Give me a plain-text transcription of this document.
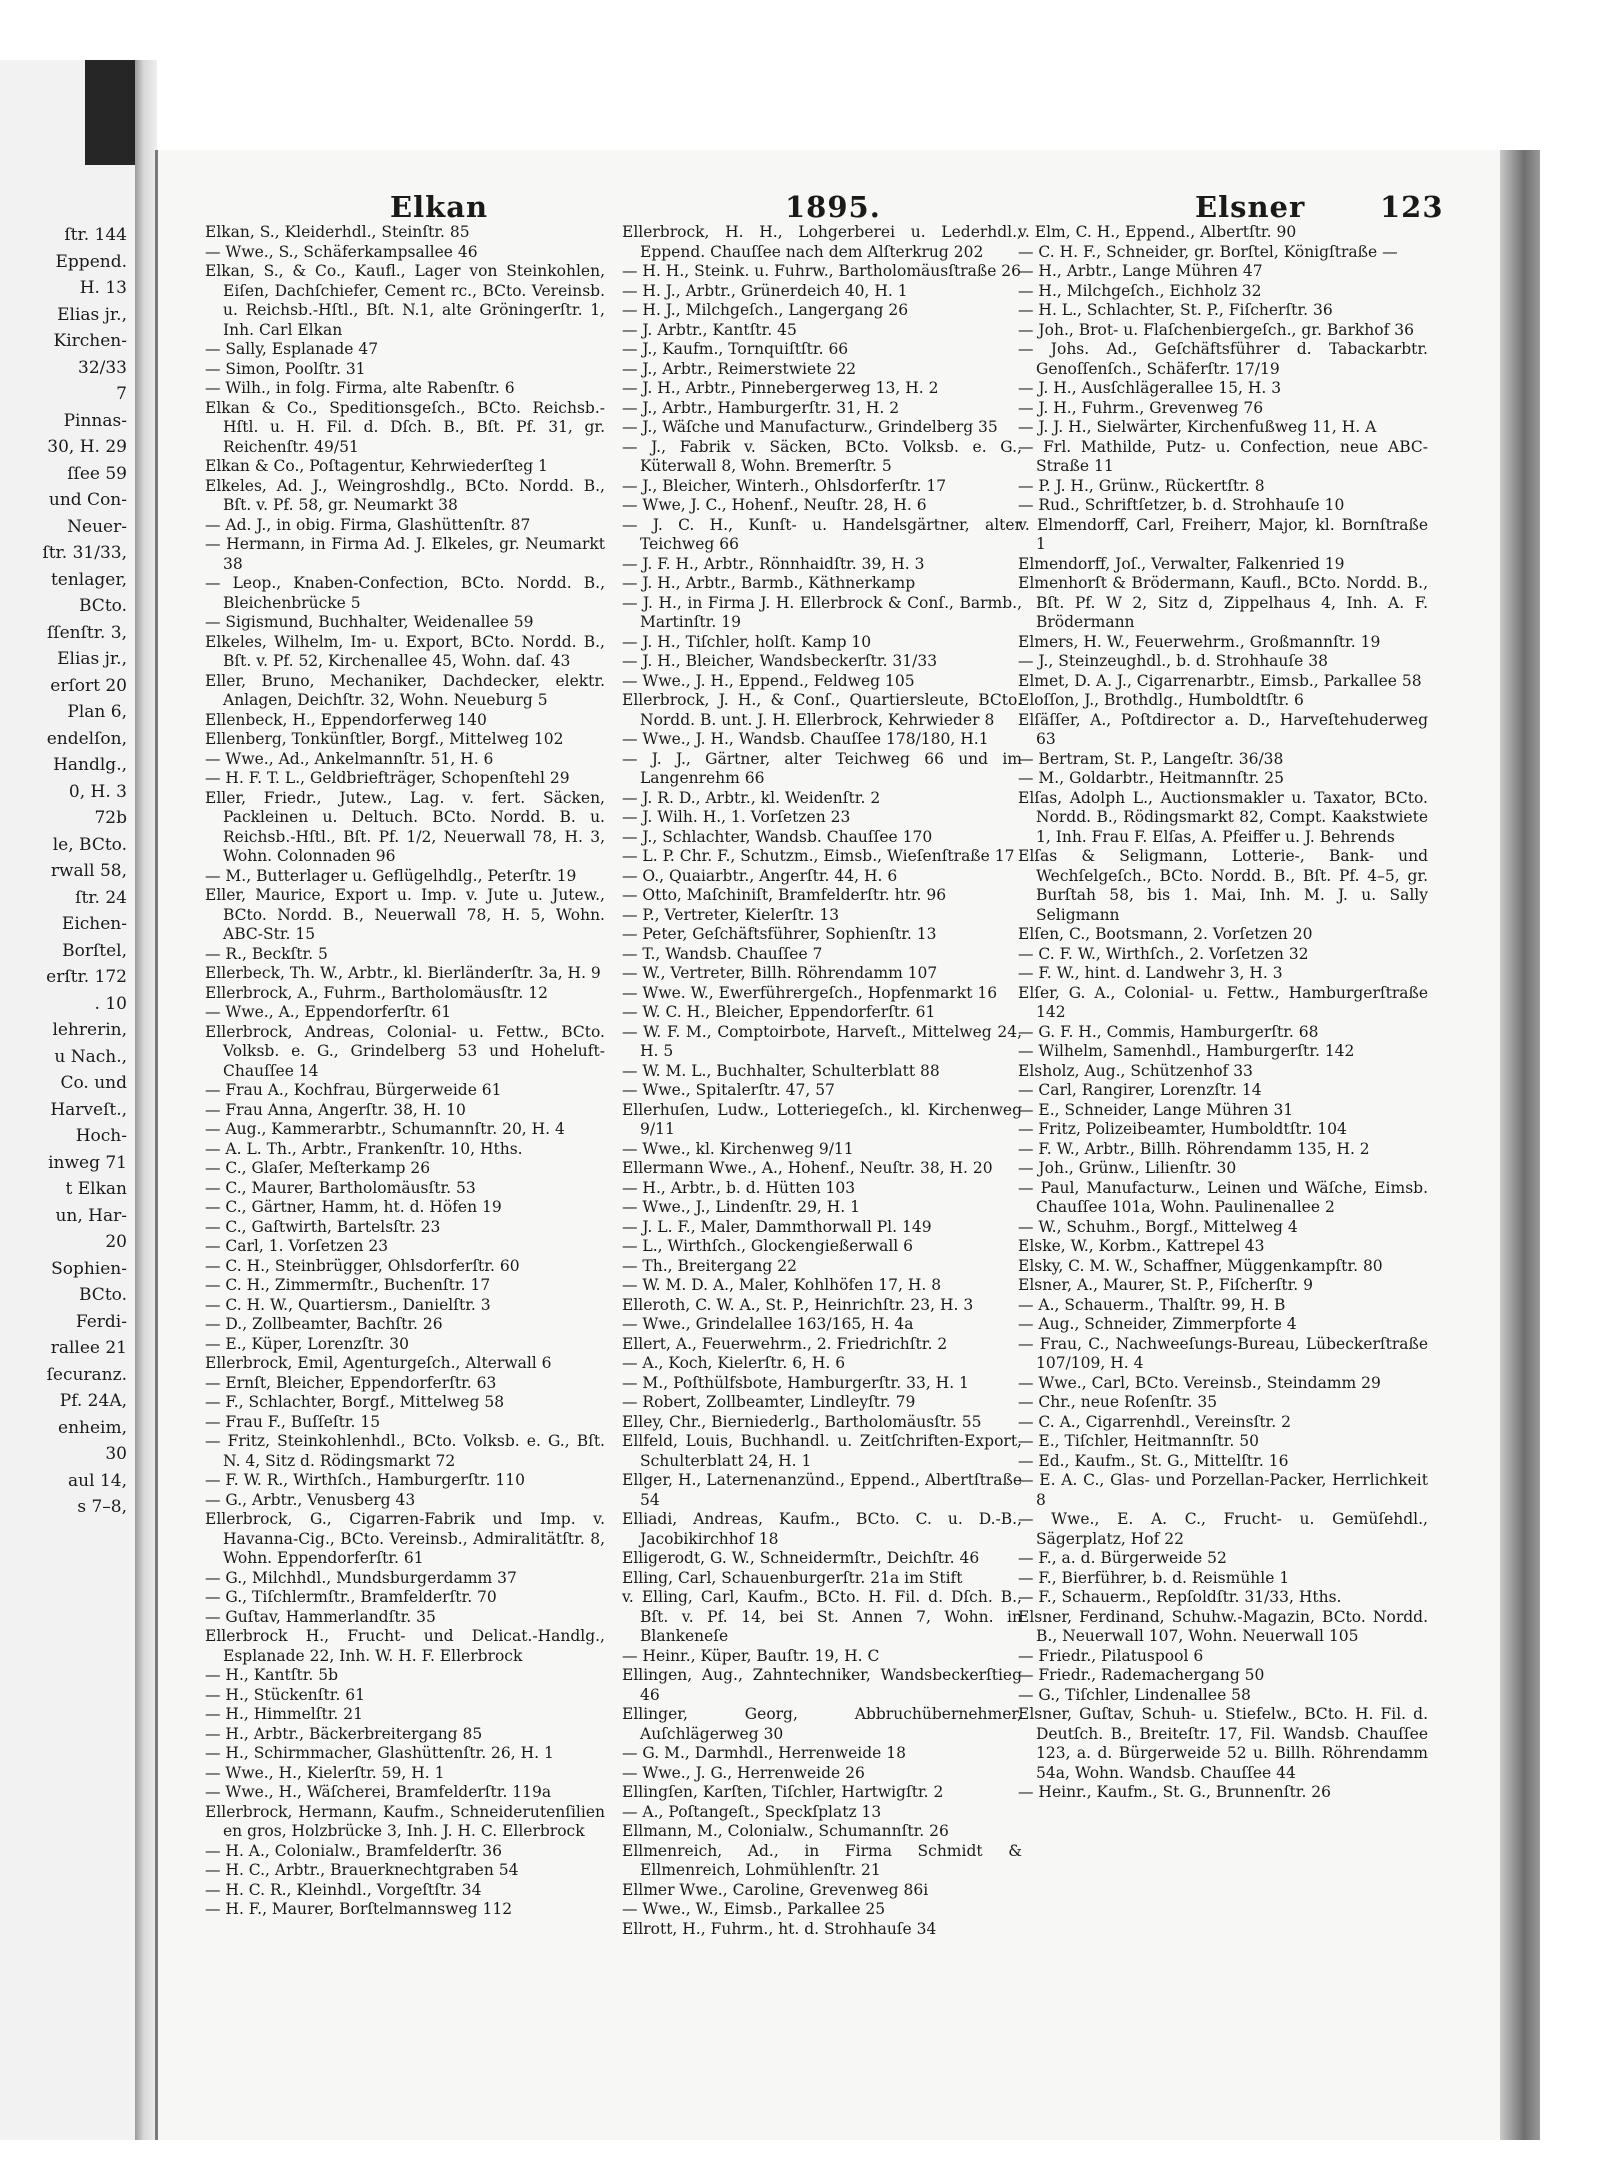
ſtr. 144
Eppend.
H. 13
Elias jr.,
Kirchen-
32/33
7
Pinnas-
30, H. 29
ſſee 59
und Con-
Neuer-
ſtr. 31/33,
tenlager,
BCto.
ſſenſtr. 3,
Elias jr.,
erſort 20
Plan 6,
endelſon,
Handlg.,
0, H. 3
72b
le, BCto.
rwall 58,
ſtr. 24
Eichen-
Borſtel,
erſtr. 172
. 10
lehrerin,
u Nach.,
Co. und
Harveſt.,
Hoch-
inweg 71
t Elkan
un, Har-
20
Sophien-
BCto.
Ferdi-
rallee 21
ſecuranz.
Pf. 24A,
enheim,
30
aul 14,
s 7–8,
Elkan	1895.	Elsner	123

Elkan, S., Kleiderhdl., Steinſtr. 85

— Wwe., S., Schäferkampsallee 46

Elkan, S., & Co., Kaufl., Lager von Steinkohlen, Eiſen, Dachſchiefer, Cement rc., BCto. Vereinsb. u. Reichsb.-Hſtl., Bſt. N.1, alte Gröningerſtr. 1, Inh. Carl Elkan

— Sally, Esplanade 47

— Simon, Poolſtr. 31

— Wilh., in folg. Firma, alte Rabenſtr. 6

Elkan & Co., Speditionsgeſch., BCto. Reichsb.-Hſtl. u. H. Fil. d. Dſch. B., Bſt. Pf. 31, gr. Reichenſtr. 49/51

Elkan & Co., Poſtagentur, Kehrwiederſteg 1

Elkeles, Ad. J., Weingroshdlg., BCto. Nordd. B., Bſt. v. Pf. 58, gr. Neumarkt 38

— Ad. J., in obig. Firma, Glashüttenſtr. 87

— Hermann, in Firma Ad. J. Elkeles, gr. Neumarkt 38

— Leop., Knaben-Confection, BCto. Nordd. B., Bleichenbrücke 5

— Sigismund, Buchhalter, Weidenallee 59

Elkeles, Wilhelm, Im- u. Export, BCto. Nordd. B., Bſt. v. Pf. 52, Kirchenallee 45, Wohn. daſ. 43

Eller, Bruno, Mechaniker, Dachdecker, elektr. Anlagen, Deichſtr. 32, Wohn. Neueburg 5

Ellenbeck, H., Eppendorferweg 140

Ellenberg, Tonkünſtler, Borgf., Mittelweg 102

— Wwe., Ad., Ankelmannſtr. 51, H. 6

— H. F. T. L., Geldbriefträger, Schopenſtehl 29

Eller, Friedr., Jutew., Lag. v. fert. Säcken, Packleinen u. Deltuch. BCto. Nordd. B. u. Reichsb.-Hſtl., Bſt. Pf. 1/2, Neuerwall 78, H. 3, Wohn. Colonnaden 96

— M., Butterlager u. Geflügelhdlg., Peterſtr. 19

Eller, Maurice, Export u. Imp. v. Jute u. Jutew., BCto. Nordd. B., Neuerwall 78, H. 5, Wohn. ABC-Str. 15

— R., Beckſtr. 5

Ellerbeck, Th. W., Arbtr., kl. Bierländerſtr. 3a, H. 9

Ellerbrock, A., Fuhrm., Bartholomäusſtr. 12

— Wwe., A., Eppendorferſtr. 61

Ellerbrock, Andreas, Colonial- u. Fettw., BCto. Volksb. e. G., Grindelberg 53 und Hoheluft-Chauſſee 14

— Frau A., Kochfrau, Bürgerweide 61

— Frau Anna, Angerſtr. 38, H. 10

— Aug., Kammerarbtr., Schumannſtr. 20, H. 4

— A. L. Th., Arbtr., Frankenſtr. 10, Hths.

— C., Glaſer, Meſterkamp 26

— C., Maurer, Bartholomäusſtr. 53

— C., Gärtner, Hamm, ht. d. Höfen 19

— C., Gaſtwirth, Bartelsſtr. 23

— Carl, 1. Vorſetzen 23

— C. H., Steinbrügger, Ohlsdorferſtr. 60

— C. H., Zimmermſtr., Buchenſtr. 17

— C. H. W., Quartiersm., Danielſtr. 3

— D., Zollbeamter, Bachſtr. 26

— E., Küper, Lorenzſtr. 30

Ellerbrock, Emil, Agenturgeſch., Alterwall 6

— Ernſt, Bleicher, Eppendorferſtr. 63

— F., Schlachter, Borgf., Mittelweg 58

— Frau F., Buſſeſtr. 15

— Fritz, Steinkohlenhdl., BCto. Volksb. e. G., Bſt. N. 4, Sitz d. Rödingsmarkt 72

— F. W. R., Wirthſch., Hamburgerſtr. 110

— G., Arbtr., Venusberg 43

Ellerbrock, G., Cigarren-Fabrik und Imp. v. Havanna-Cig., BCto. Vereinsb., Admiralitätſtr. 8, Wohn. Eppendorferſtr. 61

— G., Milchhdl., Mundsburgerdamm 37

— G., Tiſchlermſtr., Bramfelderſtr. 70

— Guſtav, Hammerlandſtr. 35

Ellerbrock H., Frucht- und Delicat.-Handlg., Esplanade 22, Inh. W. H. F. Ellerbrock

— H., Kantſtr. 5b

— H., Stückenſtr. 61

— H., Himmelſtr. 21

— H., Arbtr., Bäckerbreitergang 85

— H., Schirmmacher, Glashüttenſtr. 26, H. 1

— Wwe., H., Kielerſtr. 59, H. 1

— Wwe., H., Wäſcherei, Bramfelderſtr. 119a

Ellerbrock, Hermann, Kaufm., Schneiderutenſilien en gros, Holzbrücke 3, Inh. J. H. C. Ellerbrock

— H. A., Colonialw., Bramfelderſtr. 36

— H. C., Arbtr., Brauerknechtgraben 54

— H. C. R., Kleinhdl., Vorgeſtſtr. 34

— H. F., Maurer, Borſtelmannsweg 112

Ellerbrock, H. H., Lohgerberei u. Lederhdl., Eppend. Chauſſee nach dem Alſterkrug 202

— H. H., Steink. u. Fuhrw., Bartholomäusſtraße 26

— H. J., Arbtr., Grünerdeich 40, H. 1

— H. J., Milchgeſch., Langergang 26

— J. Arbtr., Kantſtr. 45

— J., Kaufm., Tornquiſtſtr. 66

— J., Arbtr., Reimerstwiete 22

— J. H., Arbtr., Pinnebergerweg 13, H. 2

— J., Arbtr., Hamburgerſtr. 31, H. 2

— J., Wäſche und Manufacturw., Grindelberg 35

— J., Fabrik v. Säcken, BCto. Volksb. e. G., Küterwall 8, Wohn. Bremerſtr. 5

— J., Bleicher, Winterh., Ohlsdorferſtr. 17

— Wwe, J. C., Hohenf., Neuſtr. 28, H. 6

— J. C. H., Kunſt- u. Handelsgärtner, alter Teichweg 66

— J. F. H., Arbtr., Rönnhaidſtr. 39, H. 3

— J. H., Arbtr., Barmb., Käthnerkamp

— J. H., in Firma J. H. Ellerbrock & Conſ., Barmb., Martinſtr. 19

— J. H., Tiſchler, holſt. Kamp 10

— J. H., Bleicher, Wandsbeckerſtr. 31/33

— Wwe., J. H., Eppend., Feldweg 105

Ellerbrock, J. H., & Conſ., Quartiersleute, BCto. Nordd. B. unt. J. H. Ellerbrock, Kehrwieder 8

— Wwe., J. H., Wandsb. Chauſſee 178/180, H.1

— J. J., Gärtner, alter Teichweg 66 und im Langenrehm 66

— J. R. D., Arbtr., kl. Weidenſtr. 2

— J. Wilh. H., 1. Vorſetzen 23

— J., Schlachter, Wandsb. Chauſſee 170

— L. P. Chr. F., Schutzm., Eimsb., Wieſenſtraße 17

— O., Quaiarbtr., Angerſtr. 44, H. 6

— Otto, Maſchiniſt, Bramfelderſtr. htr. 96

— P., Vertreter, Kielerſtr. 13

— Peter, Geſchäftsführer, Sophienſtr. 13

— T., Wandsb. Chauſſee 7

— W., Vertreter, Billh. Röhrendamm 107

— Wwe. W., Ewerführergeſch., Hopfenmarkt 16

— W. C. H., Bleicher, Eppendorferſtr. 61

— W. F. M., Comptoirbote, Harveſt., Mittelweg 24, H. 5

— W. M. L., Buchhalter, Schulterblatt 88

— Wwe., Spitalerſtr. 47, 57

Ellerhuſen, Ludw., Lotteriegeſch., kl. Kirchenweg 9/11

— Wwe., kl. Kirchenweg 9/11

Ellermann Wwe., A., Hohenf., Neuſtr. 38, H. 20

— H., Arbtr., b. d. Hütten 103

— Wwe., J., Lindenſtr. 29, H. 1

— J. L. F., Maler, Dammthorwall Pl. 149

— L., Wirthſch., Glockengießerwall 6

— Th., Breitergang 22

— W. M. D. A., Maler, Kohlhöfen 17, H. 8

Elleroth, C. W. A., St. P., Heinrichſtr. 23, H. 3

— Wwe., Grindelallee 163/165, H. 4a

Ellert, A., Feuerwehrm., 2. Friedrichſtr. 2

— A., Koch, Kielerſtr. 6, H. 6

— M., Poſthülfsbote, Hamburgerſtr. 33, H. 1

— Robert, Zollbeamter, Lindleyſtr. 79

Elley, Chr., Bierniederlg., Bartholomäusſtr. 55

Ellfeld, Louis, Buchhandl. u. Zeitſchriften-Export, Schulterblatt 24, H. 1

Ellger, H., Laternenanzünd., Eppend., Albertſtraße 54

Elliadi, Andreas, Kaufm., BCto. C. u. D.-B., Jacobikirchhof 18

Elligerodt, G. W., Schneidermſtr., Deichſtr. 46

Elling, Carl, Schauenburgerſtr. 21a im Stift

v. Elling, Carl, Kaufm., BCto. H. Fil. d. Dſch. B., Bſt. v. Pf. 14, bei St. Annen 7, Wohn. in Blankeneſe

— Heinr., Küper, Bauſtr. 19, H. C

Ellingen, Aug., Zahntechniker, Wandsbeckerſtieg 46

Ellinger, Georg, Abbruchübernehmer, Auſchlägerweg 30

— G. M., Darmhdl., Herrenweide 18

— Wwe., J. G., Herrenweide 26

Ellingſen, Karſten, Tiſchler, Hartwigſtr. 2

— A., Poſtangeſt., Speckſplatz 13

Ellmann, M., Colonialw., Schumannſtr. 26

Ellmenreich, Ad., in Firma Schmidt & Ellmenreich, Lohmühlenſtr. 21

Ellmer Wwe., Caroline, Grevenweg 86i

— Wwe., W., Eimsb., Parkallee 25

Ellrott, H., Fuhrm., ht. d. Strohhauſe 34

v. Elm, C. H., Eppend., Albertſtr. 90

— C. H. F., Schneider, gr. Borſtel, Königſtraße —

— H., Arbtr., Lange Mühren 47

— H., Milchgeſch., Eichholz 32

— H. L., Schlachter, St. P., Fiſcherſtr. 36

— Joh., Brot- u. Flaſchenbiergeſch., gr. Barkhof 36

— Johs. Ad., Geſchäftsführer d. Tabackarbtr. Genoſſenſch., Schäferſtr. 17/19

— J. H., Ausſchlägerallee 15, H. 3

— J. H., Fuhrm., Grevenweg 76

— J. J. H., Sielwärter, Kirchenfußweg 11, H. A

— Frl. Mathilde, Putz- u. Confection, neue ABC-Straße 11

— P. J. H., Grünw., Rückertſtr. 8

— Rud., Schriftſetzer, b. d. Strohhauſe 10

v. Elmendorff, Carl, Freiherr, Major, kl. Bornſtraße 1

Elmendorff, Joſ., Verwalter, Falkenried 19

Elmenhorſt & Brödermann, Kaufl., BCto. Nordd. B., Bſt. Pf. W 2, Sitz d, Zippelhaus 4, Inh. A. F. Brödermann

Elmers, H. W., Feuerwehrm., Großmannſtr. 19

— J., Steinzeughdl., b. d. Strohhauſe 38

Elmet, D. A. J., Cigarrenarbtr., Eimsb., Parkallee 58

Eloſſon, J., Brothdlg., Humboldtſtr. 6

Elſäſſer, A., Poſtdirector a. D., Harveſtehuderweg 63

— Bertram, St. P., Langeſtr. 36/38

— M., Goldarbtr., Heitmannſtr. 25

Elſas, Adolph L., Auctionsmakler u. Taxator, BCto. Nordd. B., Rödingsmarkt 82, Compt. Kaakstwiete 1, Inh. Frau F. Elſas, A. Pfeiffer u. J. Behrends

Elſas & Seligmann, Lotterie-, Bank- und Wechſelgeſch., BCto. Nordd. B., Bſt. Pf. 4–5, gr. Burſtah 58, bis 1. Mai, Inh. M. J. u. Sally Seligmann

Elſen, C., Bootsmann, 2. Vorſetzen 20

— C. F. W., Wirthſch., 2. Vorſetzen 32

— F. W., hint. d. Landwehr 3, H. 3

Elſer, G. A., Colonial- u. Fettw., Hamburgerſtraße 142

— G. F. H., Commis, Hamburgerſtr. 68

— Wilhelm, Samenhdl., Hamburgerſtr. 142

Elsholz, Aug., Schützenhof 33

— Carl, Rangirer, Lorenzſtr. 14

— E., Schneider, Lange Mühren 31

— Fritz, Polizeibeamter, Humboldtſtr. 104

— F. W., Arbtr., Billh. Röhrendamm 135, H. 2

— Joh., Grünw., Lilienſtr. 30

— Paul, Manufacturw., Leinen und Wäſche, Eimsb. Chauſſee 101a, Wohn. Paulinenallee 2

— W., Schuhm., Borgf., Mittelweg 4

Elske, W., Korbm., Kattrepel 43

Elsky, C. M. W., Schaffner, Müggenkampſtr. 80

Elsner, A., Maurer, St. P., Fiſcherſtr. 9

— A., Schauerm., Thalſtr. 99, H. B

— Aug., Schneider, Zimmerpforte 4

— Frau, C., Nachweeſungs-Bureau, Lübeckerſtraße 107/109, H. 4

— Wwe., Carl, BCto. Vereinsb., Steindamm 29

— Chr., neue Roſenſtr. 35

— C. A., Cigarrenhdl., Vereinsſtr. 2

— E., Tiſchler, Heitmannſtr. 50

— Ed., Kaufm., St. G., Mittelſtr. 16

— E. A. C., Glas- und Porzellan-Packer, Herrlichkeit 8

— Wwe., E. A. C., Frucht- u. Gemüſehdl., Sägerplatz, Hof 22

— F., a. d. Bürgerweide 52

— F., Bierführer, b. d. Reismühle 1

— F., Schauerm., Repſoldſtr. 31/33, Hths.

Elsner, Ferdinand, Schuhw.-Magazin, BCto. Nordd. B., Neuerwall 107, Wohn. Neuerwall 105

— Friedr., Pilatuspool 6

— Friedr., Rademachergang 50

— G., Tiſchler, Lindenallee 58

Elsner, Guſtav, Schuh- u. Stiefelw., BCto. H. Fil. d. Deutſch. B., Breiteſtr. 17, Fil. Wandsb. Chauſſee 123, a. d. Bürgerweide 52 u. Billh. Röhrendamm 54a, Wohn. Wandsb. Chauſſee 44

— Heinr., Kaufm., St. G., Brunnenſtr. 26
